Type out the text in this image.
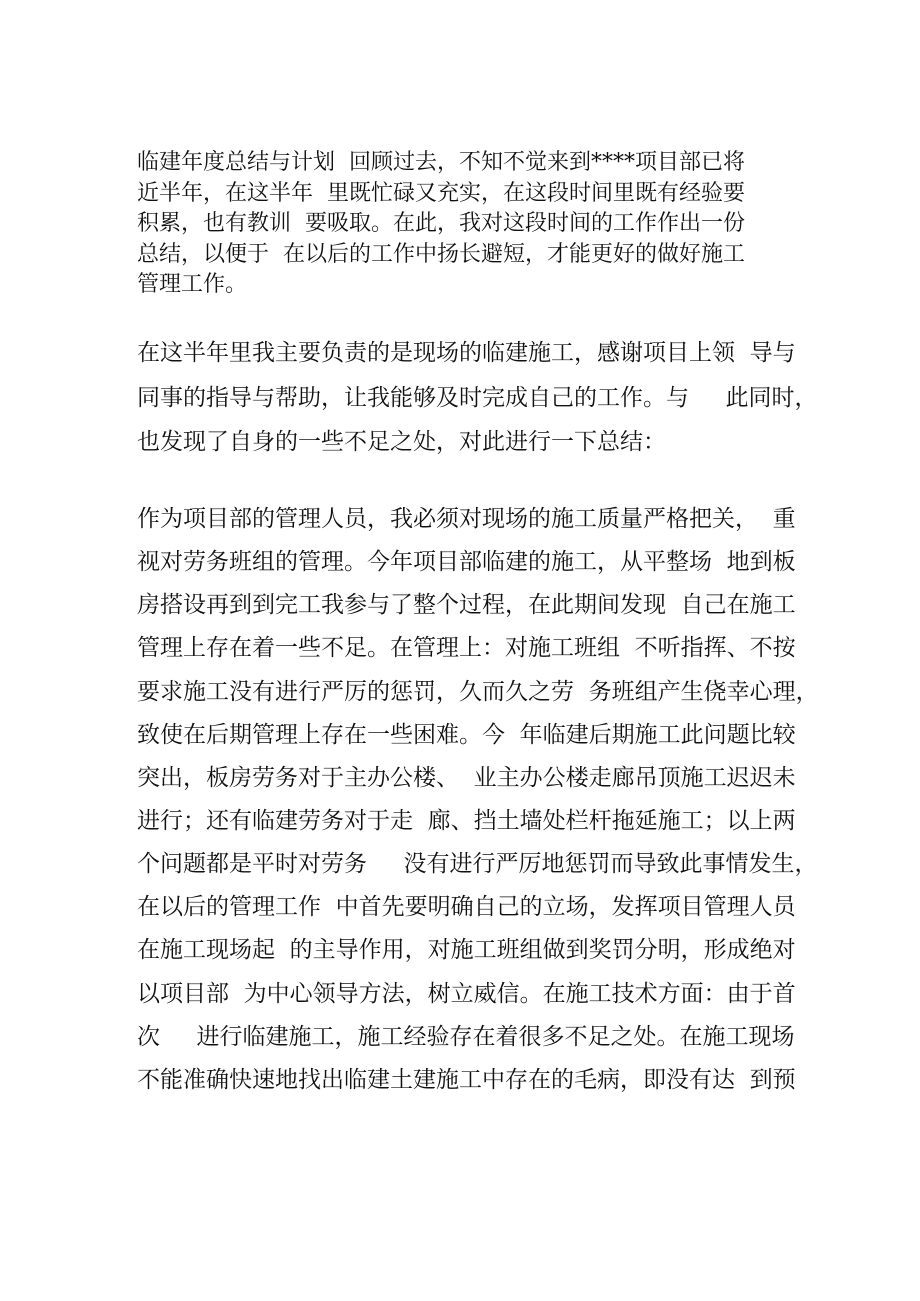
临建年度总结与计划  回顾过去，不知不觉来到****项目部已将
近半年，在这半年  里既忙碌又充实，在这段时间里既有经验要
积累，也有教训  要吸取。在此，我对这段时间的工作作出一份
总结，以便于  在以后的工作中扬长避短，才能更好的做好施工
管理工作。
在这半年里我主要负责的是现场的临建施工，感谢项目上领  导与
同事的指导与帮助，让我能够及时完成自己的工作。与     此同时，
也发现了自身的一些不足之处，对此进行一下总结：
作为项目部的管理人员，我必须对现场的施工质量严格把关，  重
视对劳务班组的管理。今年项目部临建的施工，从平整场  地到板
房搭设再到到完工我参与了整个过程，在此期间发现  自己在施工
管理上存在着一些不足。在管理上：对施工班组  不听指挥、不按
要求施工没有进行严厉的惩罚，久而久之劳  务班组产生侥幸心理，
致使在后期管理上存在一些困难。今  年临建后期施工此问题比较
突出，板房劳务对于主办公楼、  业主办公楼走廊吊顶施工迟迟未
进行；还有临建劳务对于走  廊、挡土墙处栏杆拖延施工；以上两
个问题都是平时对劳务     没有进行严厉地惩罚而导致此事情发生，
在以后的管理工作  中首先要明确自己的立场，发挥项目管理人员
在施工现场起  的主导作用，对施工班组做到奖罚分明，形成绝对
以项目部  为中心领导方法，树立威信。在施工技术方面：由于首
次     进行临建施工，施工经验存在着很多不足之处。在施工现场
不能准确快速地找出临建土建施工中存在的毛病，即没有达  到预
